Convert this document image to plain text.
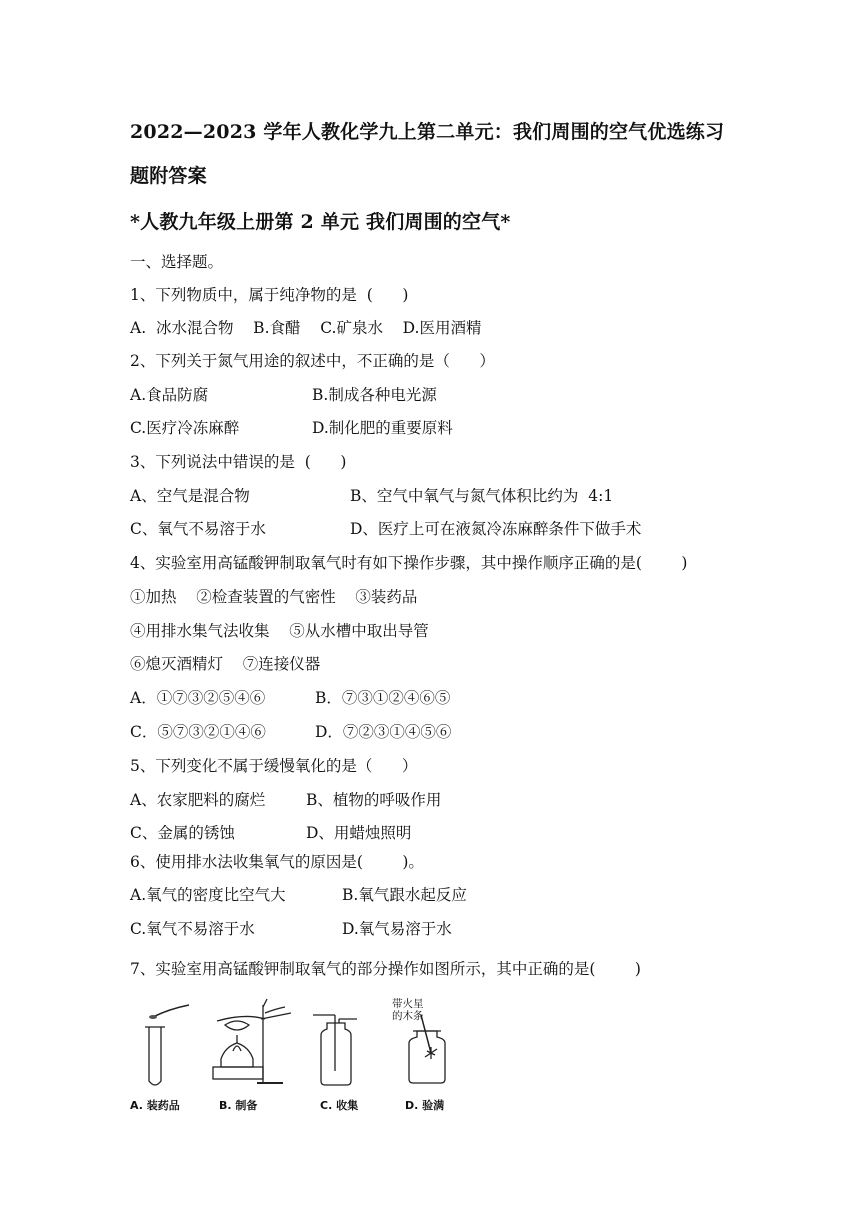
2022—2023 学年人教化学九上第二单元：我们周围的空气优选练习
题附答案
*人教九年级上册第 2 单元 我们周围的空气*
一、选择题。
1、下列物质中，属于纯净物的是  (      )
A.  冰水混合物    B.食醋    C.矿泉水    D.医用酒精
2、下列关于氮气用途的叙述中，不正确的是（      ）
A.食品防腐	B.制成各种电光源
C.医疗冷冻麻醉	D.制化肥的重要原料
3、下列说法中错误的是  (      )
A、空气是混合物	B、空气中氧气与氮气体积比约为  4:1
C、氧气不易溶于水	D、医疗上可在液氮冷冻麻醉条件下做手术
4、实验室用高锰酸钾制取氧气时有如下操作步骤，其中操作顺序正确的是(        )
①加热    ②检查装置的气密性    ③装药品
④用排水集气法收集    ⑤从水槽中取出导管
⑥熄灭酒精灯    ⑦连接仪器
A．①⑦③②⑤④⑥	B．⑦③①②④⑥⑤
C．⑤⑦③②①④⑥	D．⑦②③①④⑤⑥
5、下列变化不属于缓慢氧化的是（      ）
A、农家肥料的腐烂	B、植物的呼吸作用
C、金属的锈蚀	D、用蜡烛照明
6、使用排水法收集氧气的原因是(        )。
A.氧气的密度比空气大	B.氧气跟水起反应
C.氧气不易溶于水	D.氧气易溶于水
7、实验室用高锰酸钾制取氧气的部分操作如图所示，其中正确的是(        )
带火星
的木条
A. 装药品	B. 制备	C. 收集	D. 验满
